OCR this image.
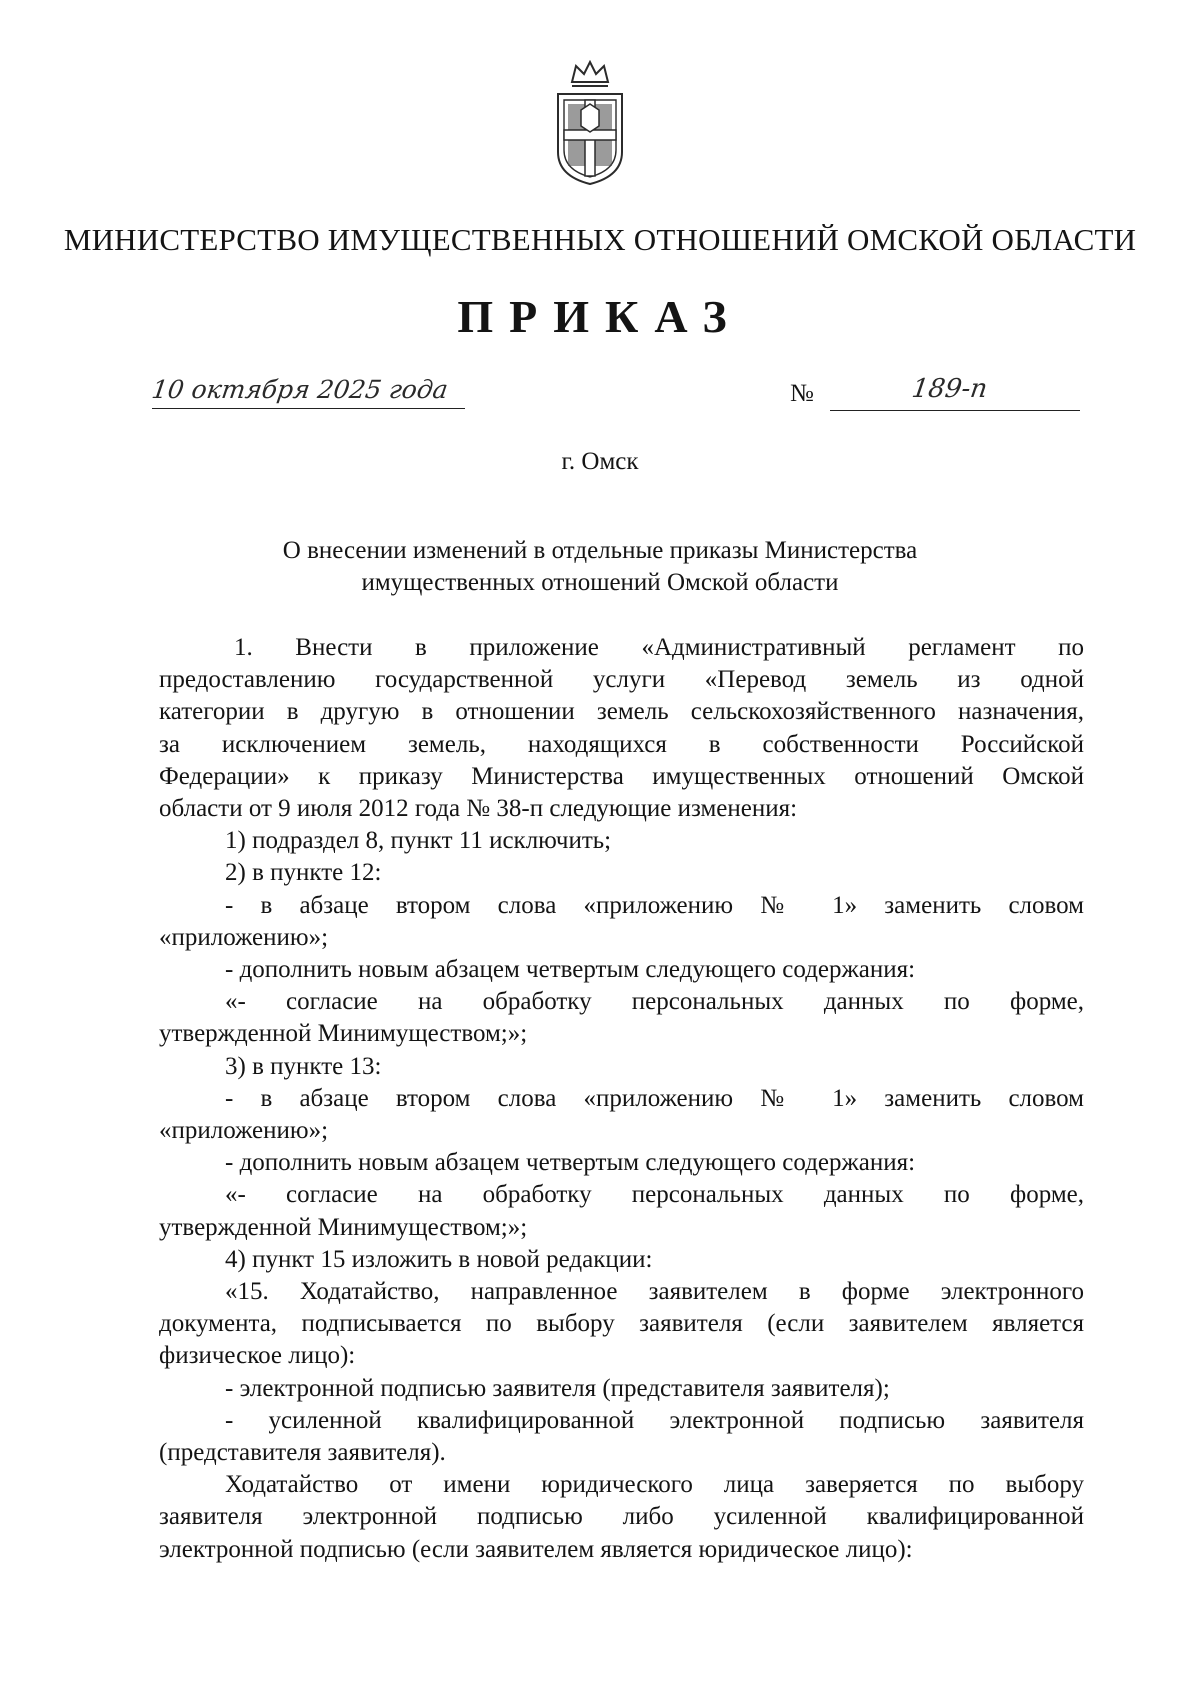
МИНИСТЕРСТВО ИМУЩЕСТВЕННЫХ ОТНОШЕНИЙ ОМСКОЙ ОБЛАСТИ
ПРИКАЗ
10 октября 2025 года	№	189-п
г. Омск
О внесении изменений в отдельные приказы Министерства
имущественных отношений Омской области
1. Внести в приложение «Административный регламент по
предоставлению государственной услуги «Перевод земель из одной
категории в другую в отношении земель сельскохозяйственного назначения,
за исключением земель, находящихся в собственности Российской
Федерации» к приказу Министерства имущественных отношений Омской
области от 9 июля 2012 года № 38-п следующие изменения:
1) подраздел 8, пункт 11 исключить;
2) в пункте 12:
- в абзаце втором слова «приложению № 1» заменить словом
«приложению»;
- дополнить новым абзацем четвертым следующего содержания:
«- согласие на обработку персональных данных по форме,
утвержденной Минимуществом;»;
3) в пункте 13:
- в абзаце втором слова «приложению № 1» заменить словом
«приложению»;
- дополнить новым абзацем четвертым следующего содержания:
«- согласие на обработку персональных данных по форме,
утвержденной Минимуществом;»;
4) пункт 15 изложить в новой редакции:
«15. Ходатайство, направленное заявителем в форме электронного
документа, подписывается по выбору заявителя (если заявителем является
физическое лицо):
- электронной подписью заявителя (представителя заявителя);
- усиленной квалифицированной электронной подписью заявителя
(представителя заявителя).
Ходатайство от имени юридического лица заверяется по выбору
заявителя электронной подписью либо усиленной квалифицированной
электронной подписью (если заявителем является юридическое лицо):
